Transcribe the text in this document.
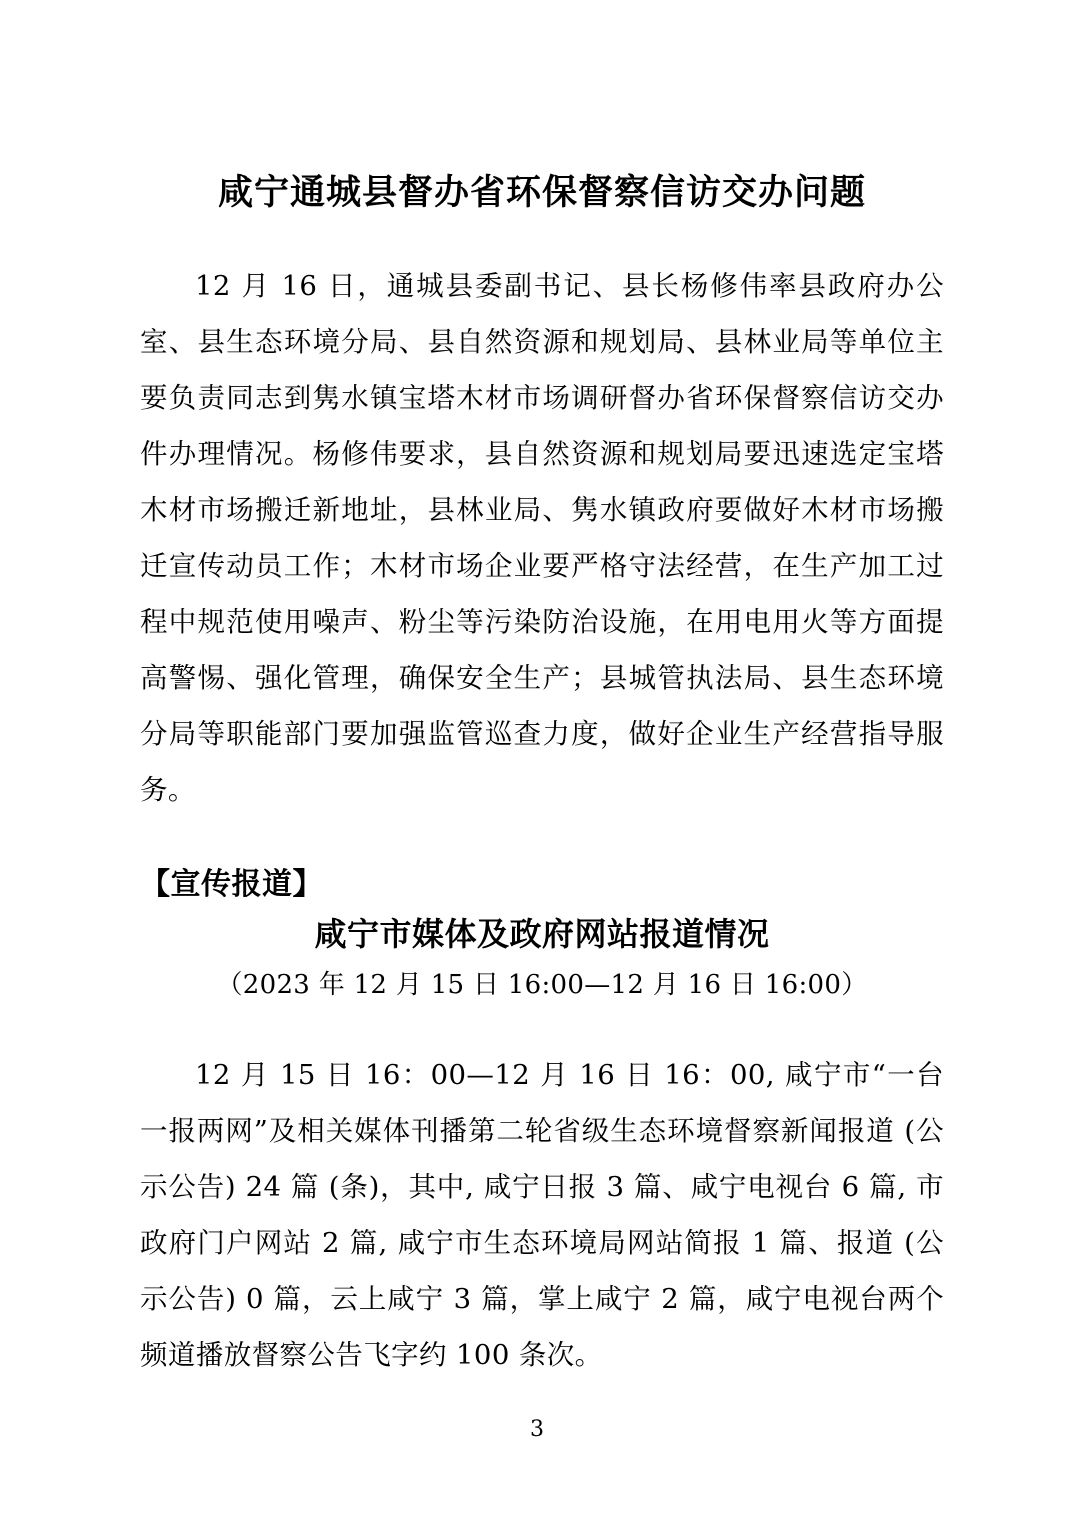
咸宁通城县督办省环保督察信访交办问题

12 月 16 日，通城县委副书记、县长杨修伟率县政府办公室、县生态环境分局、县自然资源和规划局、县林业局等单位主要负责同志到隽水镇宝塔木材市场调研督办省环保督察信访交办件办理情况。杨修伟要求，县自然资源和规划局要迅速选定宝塔木材市场搬迁新地址，县林业局、隽水镇政府要做好木材市场搬迁宣传动员工作；木材市场企业要严格守法经营，在生产加工过程中规范使用噪声、粉尘等污染防治设施，在用电用火等方面提高警惕、强化管理，确保安全生产；县城管执法局、县生态环境分局等职能部门要加强监管巡查力度，做好企业生产经营指导服务。

【宣传报道】
咸宁市媒体及政府网站报道情况
（2023 年 12 月 15 日 16:00—12 月 16 日 16:00）

12 月 15 日 16：00—12 月 16 日 16：00, 咸宁市“一台一报两网”及相关媒体刊播第二轮省级生态环境督察新闻报道 (公示公告) 24 篇 (条)，其中, 咸宁日报 3 篇、咸宁电视台 6 篇, 市政府门户网站 2 篇, 咸宁市生态环境局网站简报 1 篇、报道 (公示公告) 0 篇，云上咸宁 3 篇，掌上咸宁 2 篇，咸宁电视台两个频道播放督察公告飞字约 100 条次。

3
